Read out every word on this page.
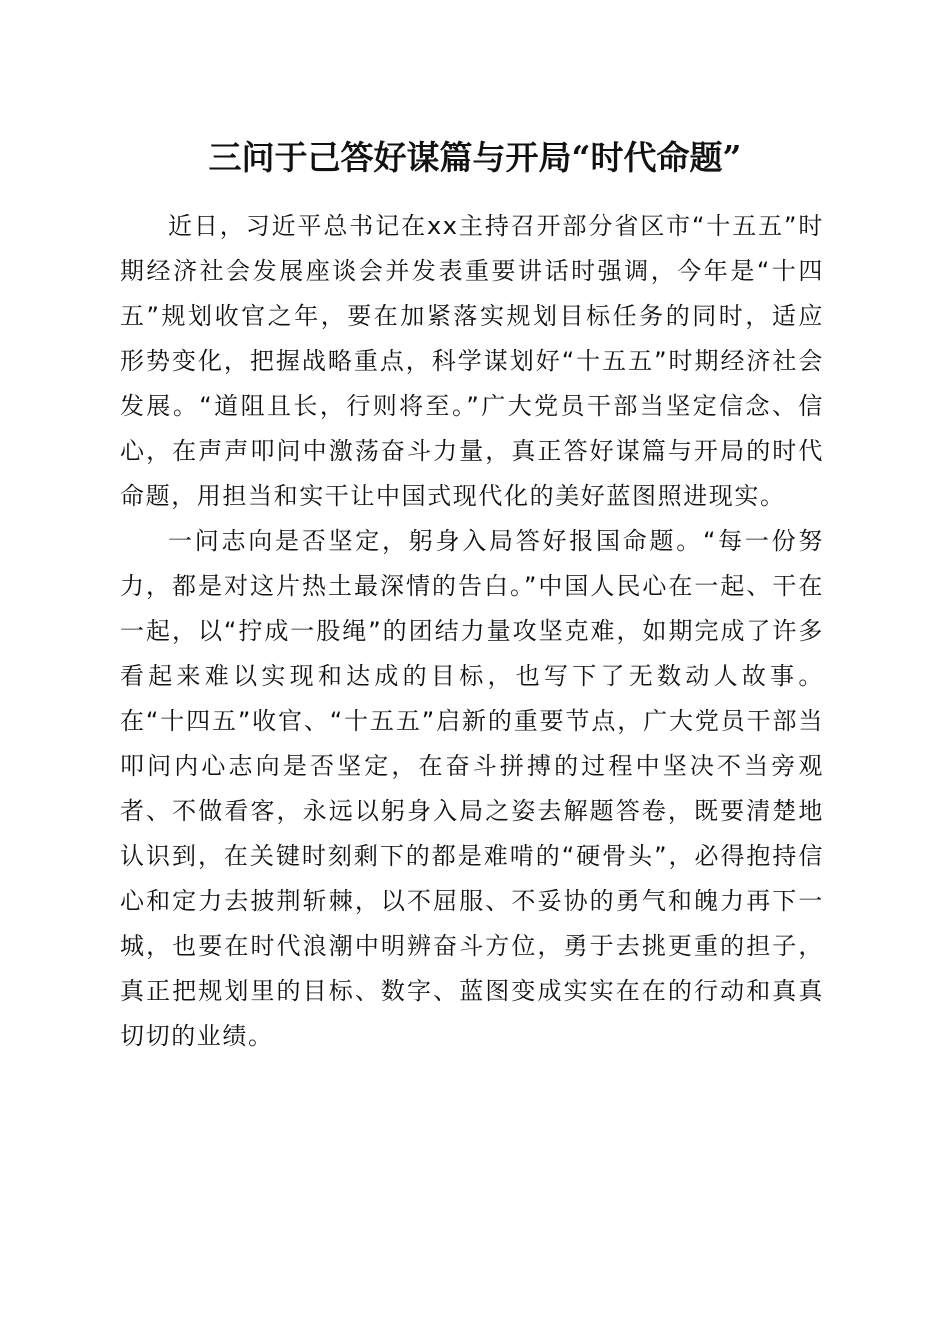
三问于己答好谋篇与开局“时代命题”

近日，习近平总书记在xx主持召开部分省区市“十五五”时期经济社会发展座谈会并发表重要讲话时强调，今年是“十四五”规划收官之年，要在加紧落实规划目标任务的同时，适应形势变化，把握战略重点，科学谋划好“十五五”时期经济社会发展。“道阻且长，行则将至。”广大党员干部当坚定信念、信心，在声声叩问中激荡奋斗力量，真正答好谋篇与开局的时代命题，用担当和实干让中国式现代化的美好蓝图照进现实。

一问志向是否坚定，躬身入局答好报国命题。“每一份努力，都是对这片热土最深情的告白。”中国人民心在一起、干在一起，以“拧成一股绳”的团结力量攻坚克难，如期完成了许多看起来难以实现和达成的目标，也写下了无数动人故事。在“十四五”收官、“十五五”启新的重要节点，广大党员干部当叩问内心志向是否坚定，在奋斗拼搏的过程中坚决不当旁观者、不做看客，永远以躬身入局之姿去解题答卷，既要清楚地认识到，在关键时刻剩下的都是难啃的“硬骨头”，必得抱持信心和定力去披荆斩棘，以不屈服、不妥协的勇气和魄力再下一城，也要在时代浪潮中明辨奋斗方位，勇于去挑更重的担子，真正把规划里的目标、数字、蓝图变成实实在在的行动和真真切切的业绩。
